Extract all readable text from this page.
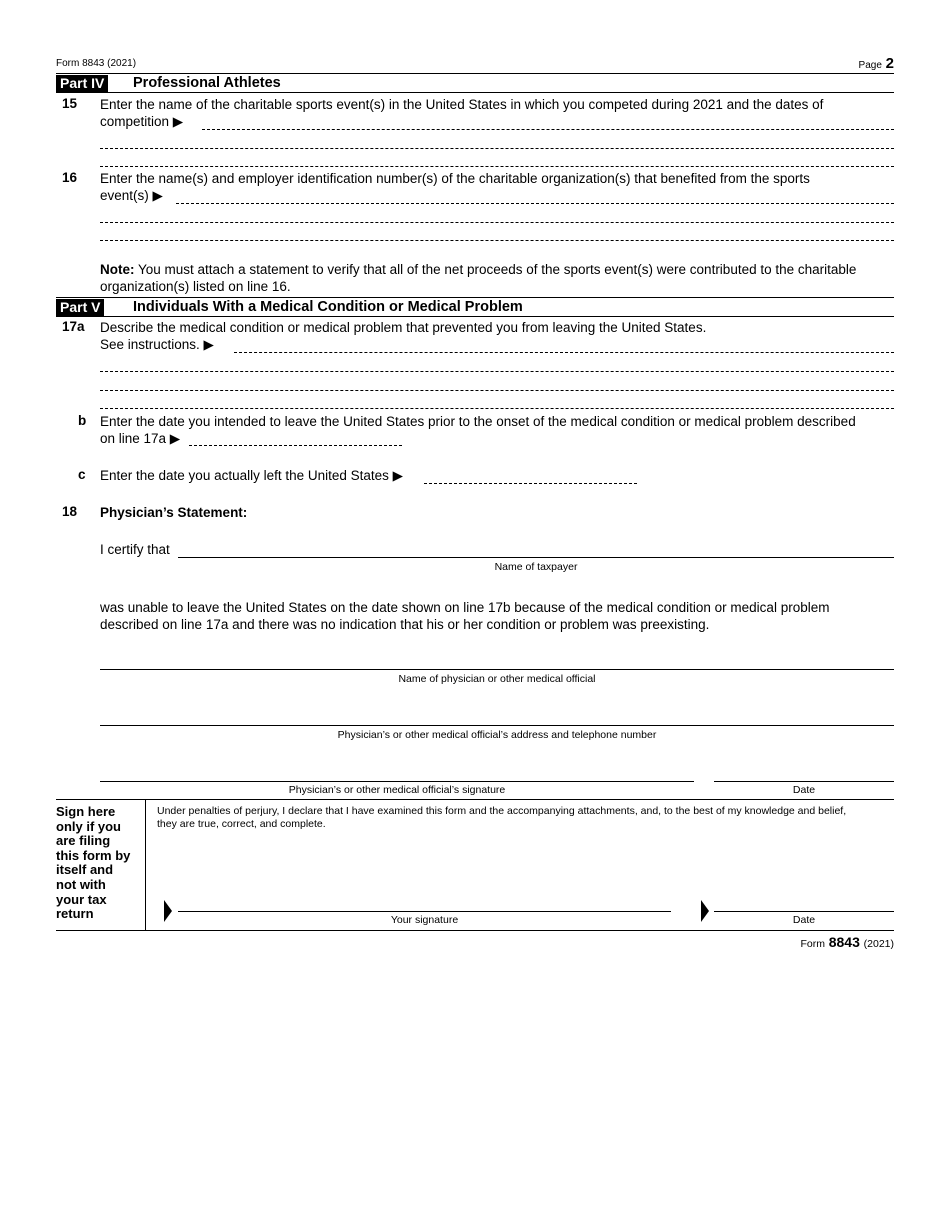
Form 8843 (2021)	Page 2
Part IV Professional Athletes
15 Enter the name of the charitable sports event(s) in the United States in which you competed during 2021 and the dates of
competition ▶
16 Enter the name(s) and employer identification number(s) of the charitable organization(s) that benefited from the sports
event(s) ▶
Note: You must attach a statement to verify that all of the net proceeds of the sports event(s) were contributed to the charitable
organization(s) listed on line 16.
Part V Individuals With a Medical Condition or Medical Problem
17a Describe the medical condition or medical problem that prevented you from leaving the United States.
See instructions. ▶
b Enter the date you intended to leave the United States prior to the onset of the medical condition or medical problem described
on line 17a ▶
c Enter the date you actually left the United States ▶
18 Physician’s Statement:
I certify that
Name of taxpayer
was unable to leave the United States on the date shown on line 17b because of the medical condition or medical problem
described on line 17a and there was no indication that his or her condition or problem was preexisting.
Name of physician or other medical official
Physician’s or other medical official’s address and telephone number
Physician’s or other medical official’s signature	Date
Sign here
only if you
are filing
this form by
itself and
not with
your tax
return
Under penalties of perjury, I declare that I have examined this form and the accompanying attachments, and, to the best of my knowledge and belief,
they are true, correct, and complete.
Your signature	Date
Form 8843 (2021)
